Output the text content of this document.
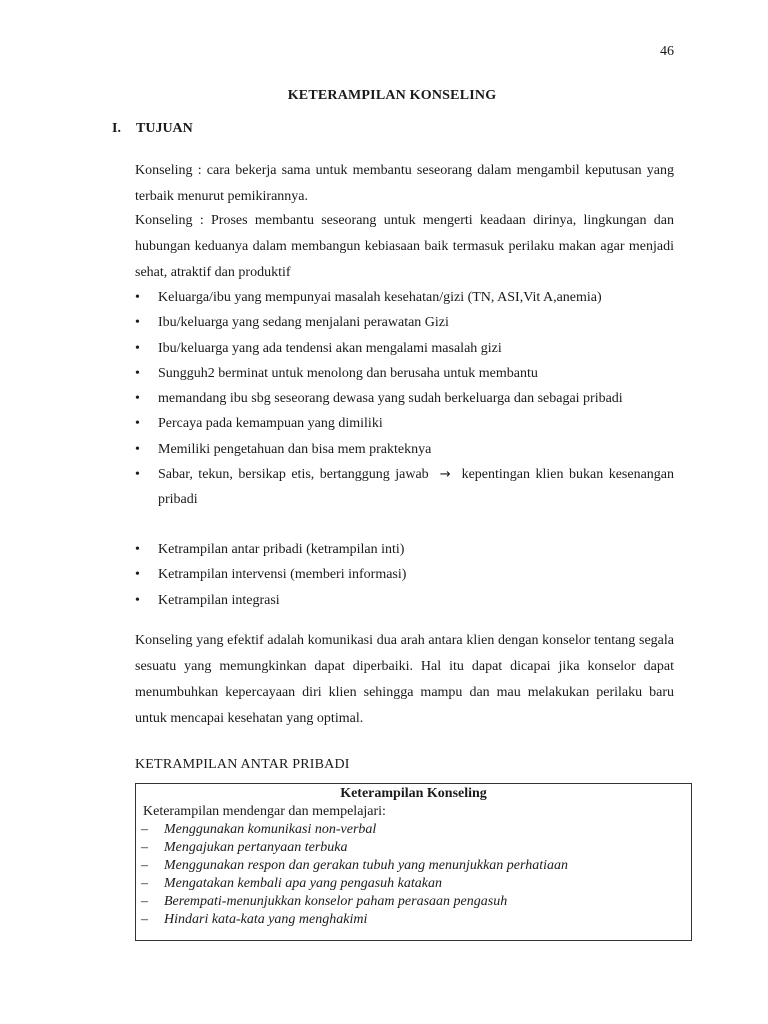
46
KETERAMPILAN KONSELING
I.	TUJUAN

Konseling : cara bekerja sama untuk membantu seseorang dalam mengambil keputusan yang terbaik menurut pemikirannya.

Konseling : Proses membantu seseorang untuk mengerti keadaan dirinya, lingkungan dan hubungan keduanya dalam membangun kebiasaan baik termasuk perilaku makan agar menjadi sehat, atraktif dan produktif

• Keluarga/ibu yang mempunyai masalah kesehatan/gizi (TN, ASI,Vit A,anemia)
• Ibu/keluarga yang sedang menjalani perawatan Gizi
• Ibu/keluarga yang ada tendensi akan mengalami masalah gizi
• Sungguh2 berminat untuk menolong dan berusaha untuk membantu
• memandang ibu sbg seseorang dewasa yang sudah berkeluarga dan sebagai pribadi
• Percaya pada kemampuan yang dimiliki
• Memiliki pengetahuan dan bisa mem prakteknya
• Sabar, tekun, bersikap etis, bertanggung jawab → kepentingan klien bukan kesenangan pribadi
• Ketrampilan antar pribadi (ketrampilan inti)
• Ketrampilan intervensi (memberi informasi)
• Ketrampilan integrasi

Konseling yang efektif adalah komunikasi dua arah antara klien dengan konselor tentang segala sesuatu yang memungkinkan dapat diperbaiki. Hal itu dapat dicapai jika konselor dapat menumbuhkan kepercayaan diri klien sehingga mampu dan mau melakukan perilaku baru untuk mencapai kesehatan yang optimal.

KETRAMPILAN ANTAR PRIBADI
Keterampilan Konseling
Keterampilan mendengar dan mempelajari:
– Menggunakan komunikasi non-verbal
– Mengajukan pertanyaan terbuka
– Menggunakan respon dan gerakan tubuh yang menunjukkan perhatiaan
– Mengatakan kembali apa yang pengasuh katakan
– Berempati-menunjukkan konselor paham perasaan pengasuh
– Hindari kata-kata yang menghakimi
